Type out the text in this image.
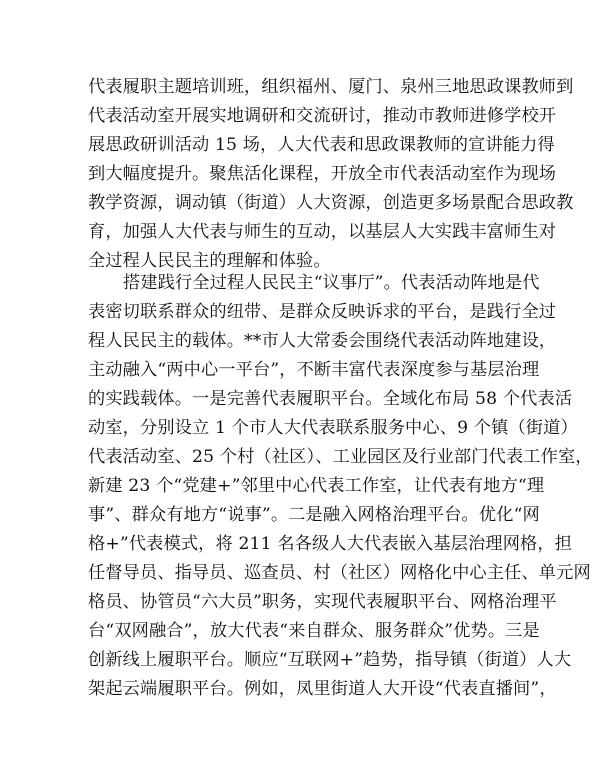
代表履职主题培训班，组织福州、厦门、泉州三地思政课教师到
代表活动室开展实地调研和交流研讨，推动市教师进修学校开
展思政研训活动 15 场，人大代表和思政课教师的宣讲能力得
到大幅度提升。聚焦活化课程，开放全市代表活动室作为现场
教学资源，调动镇（街道）人大资源，创造更多场景配合思政教
育，加强人大代表与师生的互动，以基层人大实践丰富师生对
全过程人民民主的理解和体验。
搭建践行全过程人民民主“议事厅”。代表活动阵地是代
表密切联系群众的纽带、是群众反映诉求的平台，是践行全过
程人民民主的载体。**市人大常委会围绕代表活动阵地建设，
主动融入“两中心一平台”，不断丰富代表深度参与基层治理
的实践载体。一是完善代表履职平台。全域化布局 58 个代表活
动室，分别设立 1 个市人大代表联系服务中心、9 个镇（街道）
代表活动室、25 个村（社区）、工业园区及行业部门代表工作室，
新建 23 个“党建+”邻里中心代表工作室，让代表有地方“理
事”、群众有地方“说事”。二是融入网格治理平台。优化“网
格+”代表模式，将 211 名各级人大代表嵌入基层治理网格，担
任督导员、指导员、巡查员、村（社区）网格化中心主任、单元网
格员、协管员“六大员”职务，实现代表履职平台、网格治理平
台“双网融合”，放大代表“来自群众、服务群众”优势。三是
创新线上履职平台。顺应“互联网+”趋势，指导镇（街道）人大
架起云端履职平台。例如，凤里街道人大开设“代表直播间”，
